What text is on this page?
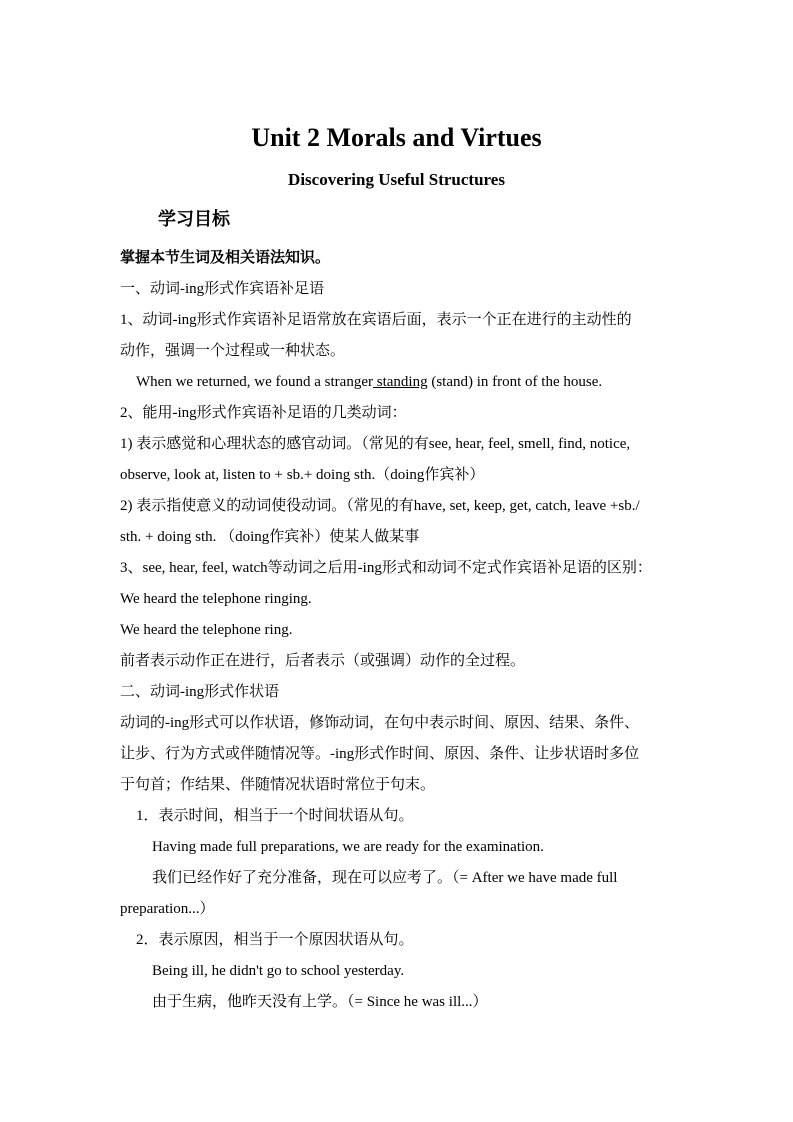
Unit 2 Morals and Virtues
Discovering Useful Structures
学习目标
掌握本节生词及相关语法知识。
一、动词-ing形式作宾语补足语
1、动词-ing形式作宾语补足语常放在宾语后面，表示一个正在进行的主动性的
动作，强调一个过程或一种状态。
When we returned, we found a stranger standing (stand) in front of the house.
2、能用-ing形式作宾语补足语的几类动词：
1) 表示感觉和心理状态的感官动词。（常见的有see, hear, feel, smell, find, notice,
observe, look at, listen to + sb.+ doing sth.（doing作宾补）
2) 表示指使意义的动词使役动词。（常见的有have, set, keep, get, catch, leave +sb./
sth. + doing sth. （doing作宾补）使某人做某事
3、see, hear, feel, watch等动词之后用-ing形式和动词不定式作宾语补足语的区别：
We heard the telephone ringing.
We heard the telephone ring.
前者表示动作正在进行，后者表示（或强调）动作的全过程。
二、动词-ing形式作状语
动词的-ing形式可以作状语，修饰动词，在句中表示时间、原因、结果、条件、
让步、行为方式或伴随情况等。-ing形式作时间、原因、条件、让步状语时多位
于句首；作结果、伴随情况状语时常位于句末。
1．表示时间，相当于一个时间状语从句。
Having made full preparations, we are ready for the examination.
我们已经作好了充分准备，现在可以应考了。（= After we have made full
preparation...）
2．表示原因，相当于一个原因状语从句。
Being ill, he didn't go to school yesterday.
由于生病，他昨天没有上学。（= Since he was ill...）
